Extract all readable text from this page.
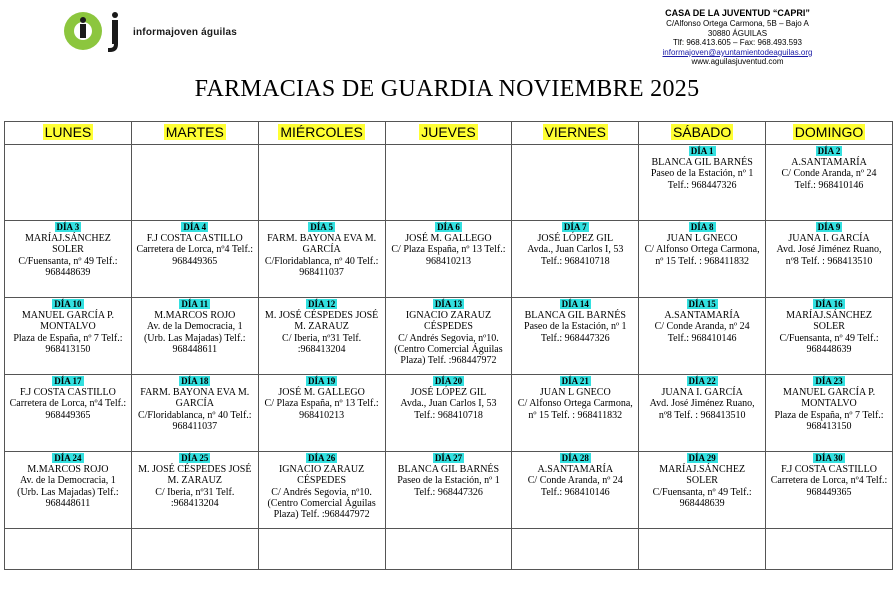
informajoven águilas
CASA DE LA JUVENTUD “CAPRI”
C/Alfonso Ortega Carmona, 5B – Bajo A
30880 ÁGUILAS
Tlf: 968.413.605 – Fax: 968.493.593
informajoven@ayuntamientodeaguilas.org
www.aguilasjuventud.com
FARMACIAS DE GUARDIA NOVIEMBRE 2025
LUNES	MARTES	MIÉRCOLES	JUEVES	VIERNES	SÁBADO	DOMINGO
					DÍA 1
BLANCA GIL BARNÉS
Paseo de la Estación, nº 1 Telf.: 968447326	DÍA 2
A.SANTAMARÍA
C/ Conde Aranda, nº 24 Telf.: 968410146

DÍA 3
MARÍAJ.SÁNCHEZ SOLER
C/Fuensanta, nº 49 Telf.: 968448639	DÍA 4
F.J COSTA CASTILLO
Carretera de Lorca, nº4 Telf.: 968449365	DÍA 5
FARM. BAYONA EVA M. GARCÍA
C/Floridablanca, nº 40 Telf.: 968411037	DÍA 6
JOSÉ M. GALLEGO
C/ Plaza España, nº 13 Telf.: 968410213	DÍA 7
JOSÉ LÓPEZ GIL
Avda., Juan Carlos I, 53 Telf.: 968410718	DÍA 8
JUAN L GNECO
C/ Alfonso Ortega Carmona, nº 15 Telf. : 968411832	DÍA 9
JUANA I. GARCÍA
Avd. José Jiménez Ruano, nº8 Telf. : 968413510

DÍA 10
MANUEL GARCÍA P. MONTALVO
Plaza de España, nº 7 Telf.: 968413150	DÍA 11
M.MARCOS ROJO
Av. de la Democracia, 1 (Urb. Las Majadas) Telf.: 968448611	DÍA 12
M. JOSÉ CÉSPEDES JOSÉ M. ZARAUZ
C/ Iberia, nº31 Telf. :968413204	DÍA 13
IGNACIO ZARAUZ CÉSPEDES
C/ Andrés Segovia, nº10. (Centro Comercial Águilas Plaza) Telf. :968447972	DÍA 14
BLANCA GIL BARNÉS
Paseo de la Estación, nº 1 Telf.: 968447326	DÍA 15
A.SANTAMARÍA
C/ Conde Aranda, nº 24 Telf.: 968410146	DÍA 16
MARÍAJ.SÁNCHEZ SOLER
C/Fuensanta, nº 49 Telf.: 968448639

DÍA 17
F.J COSTA CASTILLO
Carretera de Lorca, nº4 Telf.: 968449365	DÍA 18
FARM. BAYONA EVA M. GARCÍA
C/Floridablanca, nº 40 Telf.: 968411037	DÍA 19
JOSÉ M. GALLEGO
C/ Plaza España, nº 13 Telf.: 968410213	DÍA 20
JOSÉ LÓPEZ GIL
Avda., Juan Carlos I, 53 Telf.: 968410718	DÍA 21
JUAN L GNECO
C/ Alfonso Ortega Carmona, nº 15 Telf. : 968411832	DÍA 22
JUANA I. GARCÍA
Avd. José Jiménez Ruano, nº8 Telf. : 968413510	DÍA 23
MANUEL GARCÍA P. MONTALVO
Plaza de España, nº 7 Telf.: 968413150

DÍA 24
M.MARCOS ROJO
Av. de la Democracia, 1 (Urb. Las Majadas) Telf.: 968448611	DÍA 25
M. JOSÉ CÉSPEDES JOSÉ M. ZARAUZ
C/ Iberia, nº31 Telf. :968413204	DÍA 26
IGNACIO ZARAUZ CÉSPEDES
C/ Andrés Segovia, nº10. (Centro Comercial Águilas Plaza) Telf. :968447972	DÍA 27
BLANCA GIL BARNÉS
Paseo de la Estación, nº 1 Telf.: 968447326	DÍA 28
A.SANTAMARÍA
C/ Conde Aranda, nº 24 Telf.: 968410146	DÍA 29
MARÍAJ.SÁNCHEZ SOLER
C/Fuensanta, nº 49 Telf.: 968448639	DÍA 30
F.J COSTA CASTILLO
Carretera de Lorca, nº4 Telf.: 968449365
